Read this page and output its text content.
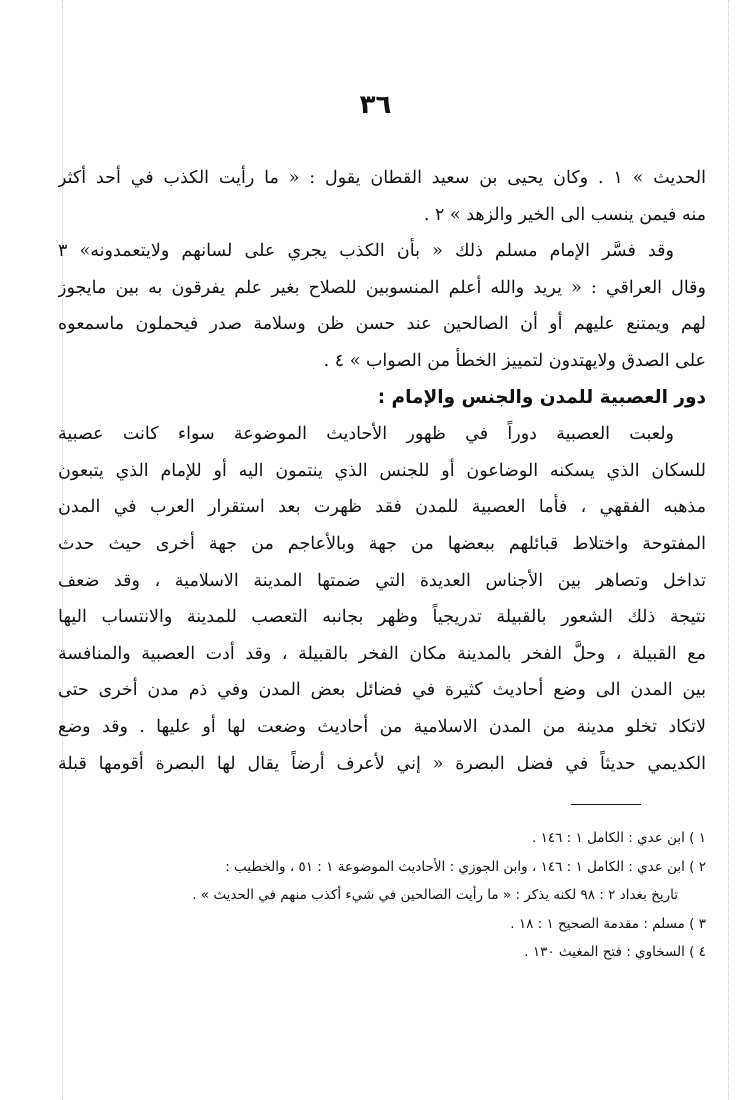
٣٦
الحديث » ١ . وكان يحيى بن سعيد القطان يقول : « ما رأيت الكذب في أحد أكثر
منه فيمن ينسب الى الخير والزهد » ٢ .
وقد فسَّر الإمام مسلم ذلك « بأن الكذب يجري على لسانهم ولايتعمدونه» ٣
وقال العراقي : « يريد والله أعلم المنسوبين للصلاح بغير علم يفرقون به بين مايجوز
لهم ويمتنع عليهم أو أن الصالحين عند حسن ظن وسلامة صدر فيحملون ماسمعوه
على الصدق ولايهتدون لتمييز الخطأ من الصواب » ٤ .
دور العصبية للمدن والجنس والإمام :
ولعبت العصبية دوراً في ظهور الأحاديث الموضوعة سواء كانت عصبية
للسكان الذي يسكنه الوضاعون أو للجنس الذي ينتمون اليه أو للإمام الذي يتبعون
مذهبه الفقهي ، فأما العصبية للمدن فقد ظهرت بعد استقرار العرب في المدن
المفتوحة واختلاط قبائلهم ببعضها من جهة وبالأعاجم من جهة أخرى حيث حدث
تداخل وتصاهر بين الأجناس العديدة التي ضمتها المدينة الاسلامية ، وقد ضعف
نتيجة ذلك الشعور بالقبيلة تدريجياً وظهر بجانبه التعصب للمدينة والانتساب اليها
مع القبيلة ، وحلَّ الفخر بالمدينة مكان الفخر بالقبيلة ، وقد أدت العصبية والمنافسة
بين المدن الى وضع أحاديث كثيرة في فضائل بعض المدن وفي ذم مدن أخرى حتى
لاتكاد تخلو مدينة من المدن الاسلامية من أحاديث وضعت لها أو عليها . وقد وضع
الكديمي حديثاً في فضل البصرة « إني لأعرف أرضاً يقال لها البصرة أقومها قبلة
١ ) ابن عدي : الكامل ١ : ١٤٦ .
٢ ) ابن عدي : الكامل ١ : ١٤٦ ، وابن الجوزي : الأحاديث الموضوعة ١ : ٥١ ، والخطيب :
تاريخ بغداد ٢ : ٩٨ لكنه يذكر : « ما رأيت الصالحين في شيء أكذب منهم في الحديث » .
٣ ) مسلم : مقدمة الصحيح ١ : ١٨ .
٤ ) السخاوي : فتح المغيث ١٣٠ .
